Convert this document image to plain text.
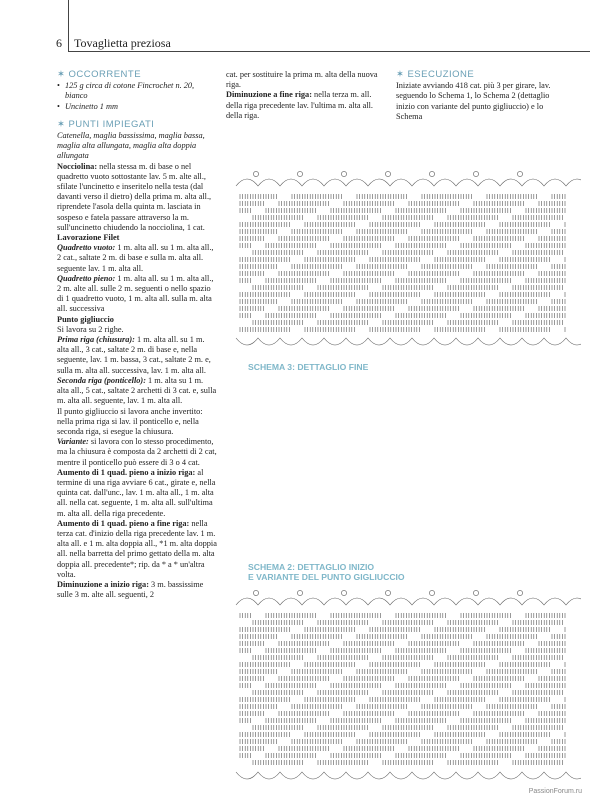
6 Tovaglietta preziosa
✶ OCCORRENTE

• 125 g circa di cotone Fincrochet n. 20, bianco

• Uncinetto 1 mm

✶ PUNTI IMPIEGATI

Catenella, maglia bassissima, maglia bassa, maglia alta allungata, maglia alta doppia allungata

Nocciolina: nella stessa m. di base o nel quadretto vuoto sottostante lav. 5 m. alte all., sfilate l'uncinetto e inseritelo nella testa (dal davanti verso il dietro) della prima m. alta all., riprendete l'asola della quinta m. lasciata in sospeso e fatela passare attraverso la m. sull'uncinetto chiudendo la nocciolina, 1 cat.

Lavorazione Filet

Quadretto vuoto: 1 m. alta all. su 1 m. alta all., 2 cat., saltate 2 m. di base e sulla m. alta all. seguente lav. 1 m. alta all.

Quadretto pieno: 1 m. alta all. su 1 m. alta all., 2 m. alte all. sulle 2 m. seguenti o nello spazio di 1 quadretto vuoto, 1 m. alta all. sulla m. alta all. successiva

Punto gigliuccio

Si lavora su 2 righe.

Prima riga (chiusura): 1 m. alta all. su 1 m. alta all., 3 cat., saltate 2 m. di base e, nella seguente, lav. 1 m. bassa, 3 cat., saltate 2 m. e, sulla m. alta all. successiva, lav. 1 m. alta all.

Seconda riga (ponticello): 1 m. alta su 1 m. alta all., 5 cat., saltate 2 archetti di 3 cat. e, sulla m. alta all. seguente, lav. 1 m. alta all.

Il punto gigliuccio si lavora anche invertito: nella prima riga si lav. il ponticello e, nella seconda riga, si esegue la chiusura.

Variante: si lavora con lo stesso procedimento, ma la chiusura è composta da 2 archetti di 2 cat, mentre il ponticello può essere di 3 o 4 cat.

Aumento di 1 quad. pieno a inizio riga: al termine di una riga avviare 6 cat., girate e, nella quinta cat. dall'unc., lav. 1 m. alta all., 1 m. alta all. nella cat. seguente, 1 m. alta all. sull'ultima m. alta all. della riga precedente.

Aumento di 1 quad. pieno a fine riga: nella terza cat. d'inizio della riga precedente lav. 1 m. alta all. e 1 m. alta doppia all., *1 m. alta doppia all. nella barretta del primo gettato della m. alta doppia all. precedente*; rip. da * a * un'altra volta.

Diminuzione a inizio riga: 3 m. bassissime sulle 3 m. alte all. seguenti, 2

cat. per sostituire la prima m. alta della nuova riga.

Diminuzione a fine riga: nella terza m. all. della riga precedente lav. l'ultima m. alta all. della riga.

✶ ESECUZIONE

Iniziate avviando 418 cat. più 3 per girare, lav. seguendo lo Schema 1, lo Schema 2 (dettaglio inizio con variante del punto gigliuccio) e lo Schema

SCHEMA 3: DETTAGLIO FINE
SCHEMA 2: DETTAGLIO INIZIO
E VARIANTE DEL PUNTO GIGLIUCCIO
PassionForum.ru
